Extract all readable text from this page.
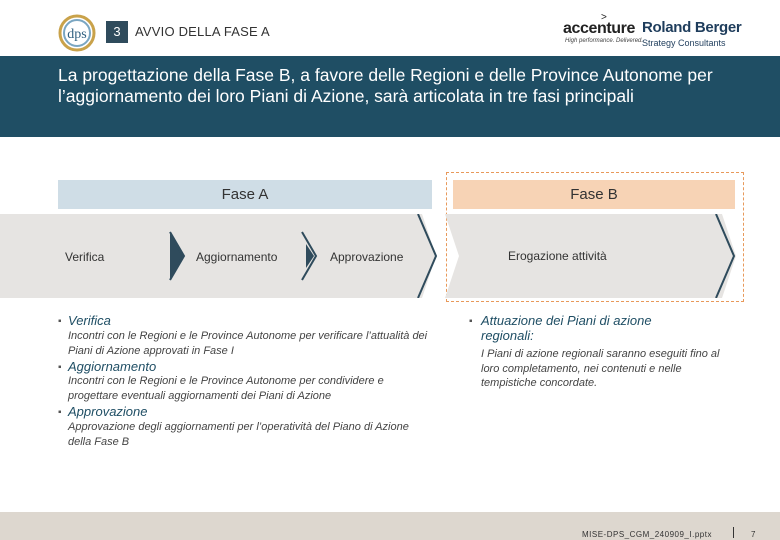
dps	3	AVVIO DELLA FASE A
>
accenture
High performance. Delivered.
Roland Berger
Strategy Consultants
La progettazione della Fase B, a favore delle Regioni e delle Province Autonome per l’aggiornamento dei loro Piani di Azione, sarà articolata in tre fasi principali
Fase A	Fase B
Verifica	Aggiornamento	Approvazione	Erogazione attività
▪ Verifica
Incontri con le Regioni e le Province Autonome per verificare l’attualità dei Piani di Azione approvati in Fase I
▪ Aggiornamento
Incontri con le Regioni e le Province Autonome per condividere e progettare eventuali aggiornamenti dei Piani di Azione
▪ Approvazione
Approvazione degli aggiornamenti per l’operatività del Piano di Azione della Fase B
▪ Attuazione dei Piani di azione regionali:
I Piani di azione regionali saranno eseguiti fino al loro completamento, nei contenuti e nelle tempistiche concordate.
MISE-DPS_CGM_240909_I.pptx	7
